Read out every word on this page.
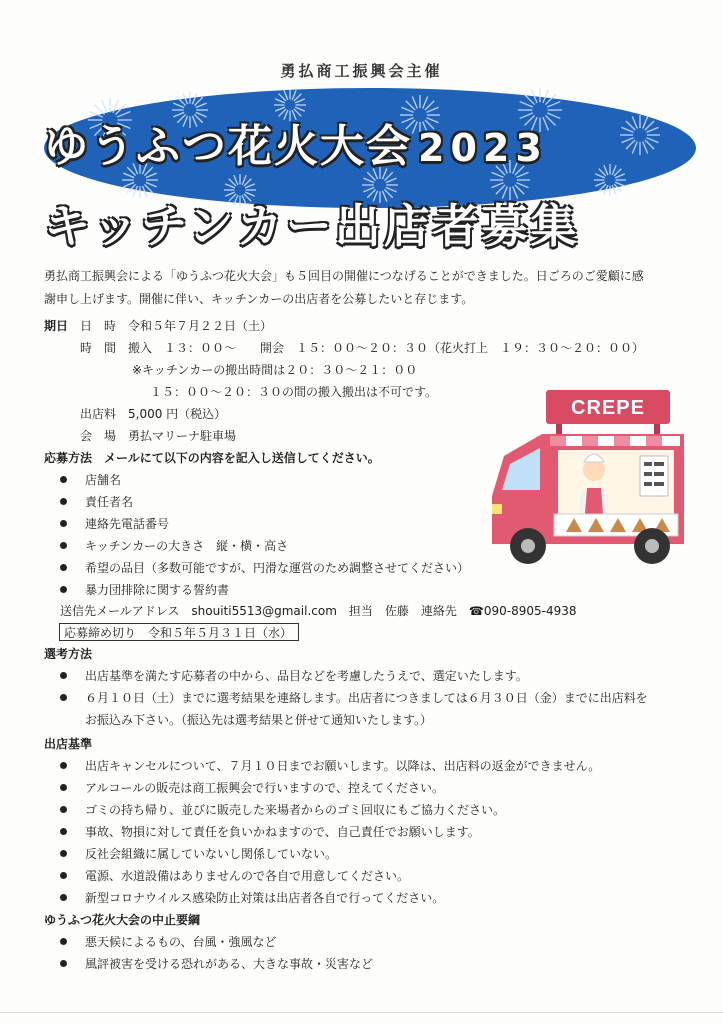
勇払商工振興会主催
ゆうふつ花火大会 2023
キッチンカー出店者募集
勇払商工振興会による「ゆうふつ花火大会」も５回目の開催につなげることができました。日ごろのご愛顧に感
謝申し上げます。開催に伴い、キッチンカーの出店者を公募したいと存じます。
期日 日　時　令和５年７月２２日（土）
時　間　搬入　１３：００～　　開会　１５：００～２０：３０（花火打上　１９：３０～２０：００）
※キッチンカーの搬出時間は２０：３０～２１：００
１５：００～２０：３０の間の搬入搬出は不可です。
出店料　5,000 円（税込）
会　場　勇払マリーナ駐車場
応募方法　メールにて以下の内容を記入し送信してください。
店舗名
責任者名
連絡先電話番号
キッチンカーの大きさ　縦・横・高さ
希望の品目（多数可能ですが、円滑な運営のため調整させてください）
暴力団排除に関する誓約書
送信先メールアドレス　shouiti5513@gmail.com　担当　佐藤　連絡先　☎090-8905-4938
応募締め切り　令和５年５月３１日（水）
選考方法
出店基準を満たす応募者の中から、品目などを考慮したうえで、選定いたします。
６月１０日（土）までに選考結果を連絡します。出店者につきましては６月３０日（金）までに出店料を
お振込み下さい。（振込先は選考結果と併せて通知いたします。）
出店基準
出店キャンセルについて、７月１０日までお願いします。以降は、出店料の返金ができません。
アルコールの販売は商工振興会で行いますので、控えてください。
ゴミの持ち帰り、並びに販売した来場者からのゴミ回収にもご協力ください。
事故、物損に対して責任を負いかねますので、自己責任でお願いします。
反社会組織に属していないし関係していない。
電源、水道設備はありませんので各自で用意してください。
新型コロナウイルス感染防止対策は出店者各自で行ってください。
ゆうふつ花火大会の中止要綱
悪天候によるもの、台風・強風など
風評被害を受ける恐れがある、大きな事故・災害など
CREPE
